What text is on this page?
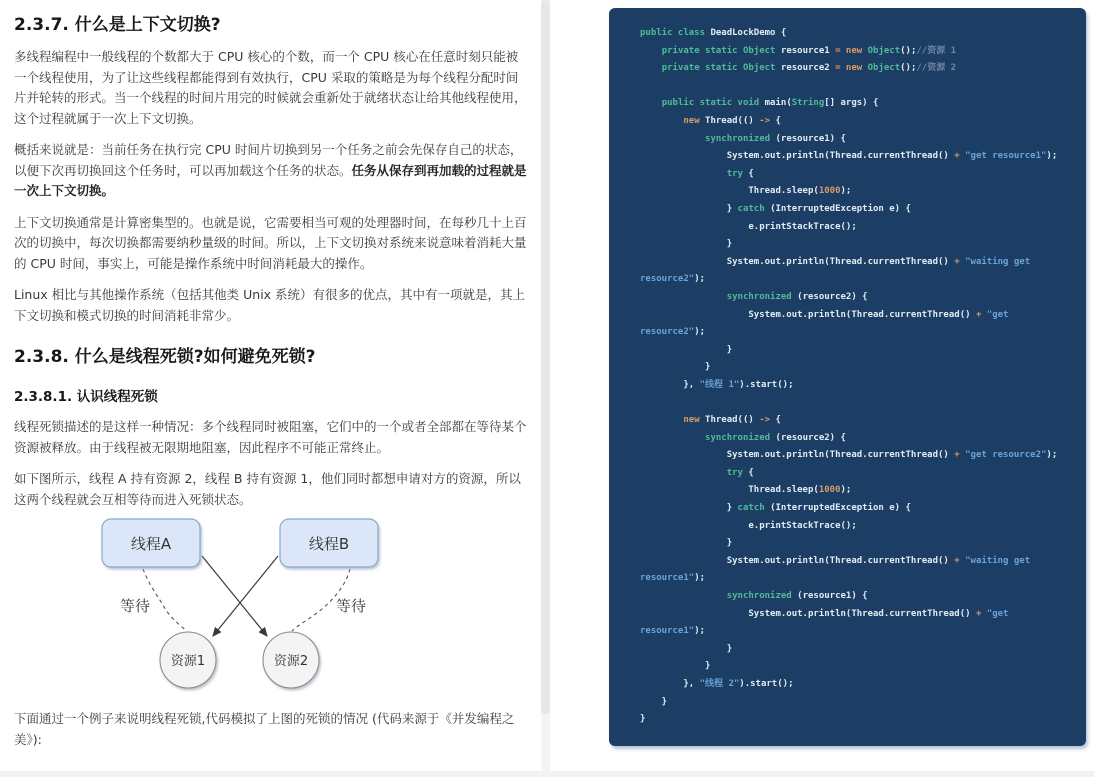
2.3.7. 什么是上下文切换?

多线程编程中一般线程的个数都大于 CPU 核心的个数，而一个 CPU 核心在任意时刻只能被一个线程使用，为了让这些线程都能得到有效执行，CPU 采取的策略是为每个线程分配时间片并轮转的形式。当一个线程的时间片用完的时候就会重新处于就绪状态让给其他线程使用，这个过程就属于一次上下文切换。

概括来说就是：当前任务在执行完 CPU 时间片切换到另一个任务之前会先保存自己的状态，以便下次再切换回这个任务时，可以再加载这个任务的状态。任务从保存到再加载的过程就是一次上下文切换。

上下文切换通常是计算密集型的。也就是说，它需要相当可观的处理器时间，在每秒几十上百次的切换中，每次切换都需要纳秒量级的时间。所以，上下文切换对系统来说意味着消耗大量的 CPU 时间，事实上，可能是操作系统中时间消耗最大的操作。

Linux 相比与其他操作系统（包括其他类 Unix 系统）有很多的优点，其中有一项就是，其上下文切换和模式切换的时间消耗非常少。

2.3.8. 什么是线程死锁?如何避免死锁?
2.3.8.1. 认识线程死锁

线程死锁描述的是这样一种情况：多个线程同时被阻塞，它们中的一个或者全部都在等待某个资源被释放。由于线程被无限期地阻塞，因此程序不可能正常终止。

如下图所示，线程 A 持有资源 2，线程 B 持有资源 1，他们同时都想申请对方的资源，所以这两个线程就会互相等待而进入死锁状态。

线程A	线程B
资源1	资源2
等待	等待

下面通过一个例子来说明线程死锁,代码模拟了上图的死锁的情况 (代码来源于《并发编程之美》):

public class DeadLockDemo {
private static Object resource1 = new Object();//资源 1
private static Object resource2 = new Object();//资源 2

public static void main(String[] args) {
new Thread(() -> {
synchronized (resource1) {
System.out.println(Thread.currentThread() + "get resource1");
try {
Thread.sleep(1000);
} catch (InterruptedException e) {
e.printStackTrace();
}
System.out.println(Thread.currentThread() + "waiting get
resource2");
synchronized (resource2) {
System.out.println(Thread.currentThread() + "get
resource2");
}
}
}, "线程 1").start();

new Thread(() -> {
synchronized (resource2) {
System.out.println(Thread.currentThread() + "get resource2");
try {
Thread.sleep(1000);
} catch (InterruptedException e) {
e.printStackTrace();
}
System.out.println(Thread.currentThread() + "waiting get
resource1");
synchronized (resource1) {
System.out.println(Thread.currentThread() + "get
resource1");
}
}
}, "线程 2").start();
}
}
